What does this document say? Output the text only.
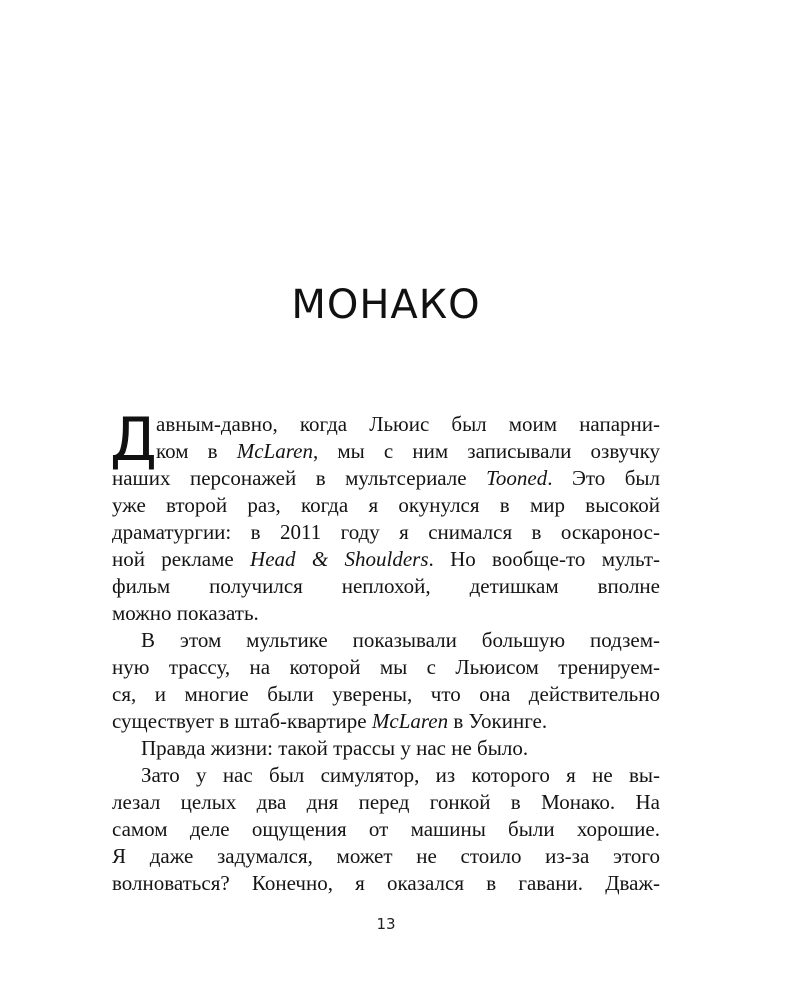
МОНАКО
Д авным-давно, когда Льюис был моим напарни-
ком в McLaren, мы с ним записывали озвучку
наших персонажей в мультсериале Tooned. Это был
уже второй раз, когда я окунулся в мир высокой
драматургии: в 2011 году я снимался в оскаронос-
ной рекламе Head & Shoulders. Но вообще-то мульт-
фильм получился неплохой, детишкам вполне
можно показать.
В этом мультике показывали большую подзем-
ную трассу, на которой мы с Льюисом тренируем-
ся, и многие были уверены, что она действительно
существует в штаб-квартире McLaren в Уокинге.
Правда жизни: такой трассы у нас не было.
Зато у нас был симулятор, из которого я не вы-
лезал целых два дня перед гонкой в Монако. На
самом деле ощущения от машины были хорошие.
Я даже задумался, может не стоило из-за этого
волноваться? Конечно, я оказался в гавани. Дваж-
13
